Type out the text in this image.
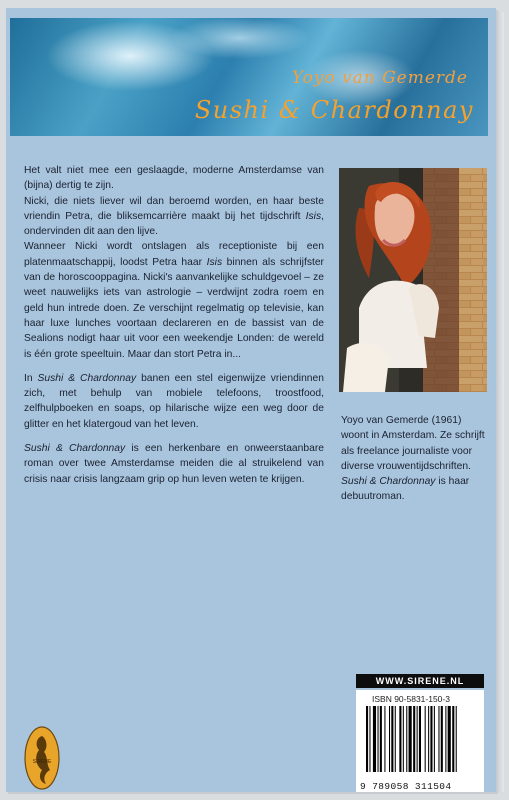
Yoyo van Gemerde
Sushi & Chardonnay

Het valt niet mee een geslaagde, moderne Amsterdamse van (bijna) dertig te zijn.

Nicki, die niets liever wil dan beroemd worden, en haar beste vriendin Petra, die bliksemcarrière maakt bij het tijdschrift Isis, ondervinden dit aan den lijve.

Wanneer Nicki wordt ontslagen als receptioniste bij een platenmaatschappij, loodst Petra haar Isis binnen als schrijfster van de horoscooppagina. Nicki's aanvankelijke schuldgevoel – ze weet nauwelijks iets van astrologie – verdwijnt zodra roem en geld hun intrede doen. Ze verschijnt regelmatig op televisie, kan haar luxe lunches voortaan declareren en de bassist van de Sealions nodigt haar uit voor een weekendje Londen: de wereld is één grote speeltuin. Maar dan stort Petra in...

In Sushi & Chardonnay banen een stel eigenwijze vriendinnen zich, met behulp van mobiele telefoons, troostfood, zelfhulpboeken en soaps, op hilarische wijze een weg door de glitter en het klatergoud van het leven.

Sushi & Chardonnay is een herkenbare en onweerstaanbare roman over twee Amsterdamse meiden die al struikelend van crisis naar crisis langzaam grip op hun leven weten te krijgen.

Yoyo van Gemerde (1961) woont in Amsterdam. Ze schrijft als freelance journaliste voor diverse vrouwentijdschriften. Sushi & Chardonnay is haar debuutroman.

SIRENE
WWW.SIRENE.NL
ISBN 90-5831-150-3
9 789058 311504
